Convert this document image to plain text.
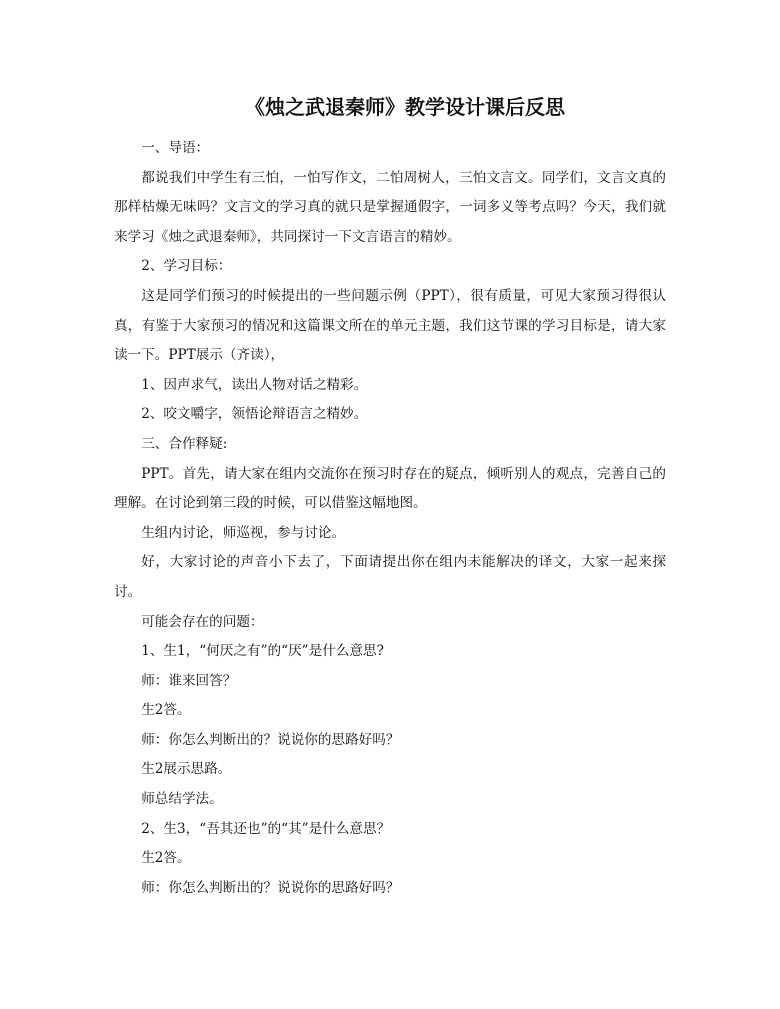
《烛之武退秦师》教学设计课后反思

一、导语：

都说我们中学生有三怕，一怕写作文，二怕周树人，三怕文言文。同学们，文言文真的那样枯燥无味吗？文言文的学习真的就只是掌握通假字，一词多义等考点吗？今天，我们就来学习《烛之武退秦师》，共同探讨一下文言语言的精妙。

2、学习目标：

这是同学们预习的时候提出的一些问题示例（PPT），很有质量，可见大家预习得很认真，有鉴于大家预习的情况和这篇课文所在的单元主题，我们这节课的学习目标是，请大家读一下。PPT展示（齐读），

1、因声求气，读出人物对话之精彩。

2、咬文嚼字，领悟论辩语言之精妙。

三、合作释疑:

PPT。首先，请大家在组内交流你在预习时存在的疑点，倾听别人的观点，完善自己的理解。在讨论到第三段的时候，可以借鉴这幅地图。

生组内讨论，师巡视，参与讨论。

好，大家讨论的声音小下去了，下面请提出你在组内未能解决的译文，大家一起来探讨。

可能会存在的问题：

1、生1，“何厌之有”的“厌”是什么意思?

师：谁来回答？

生2答。

师：你怎么判断出的？说说你的思路好吗？

生2展示思路。

师总结学法。

2、生3，“吾其还也”的“其”是什么意思？

生2答。

师：你怎么判断出的？说说你的思路好吗？
